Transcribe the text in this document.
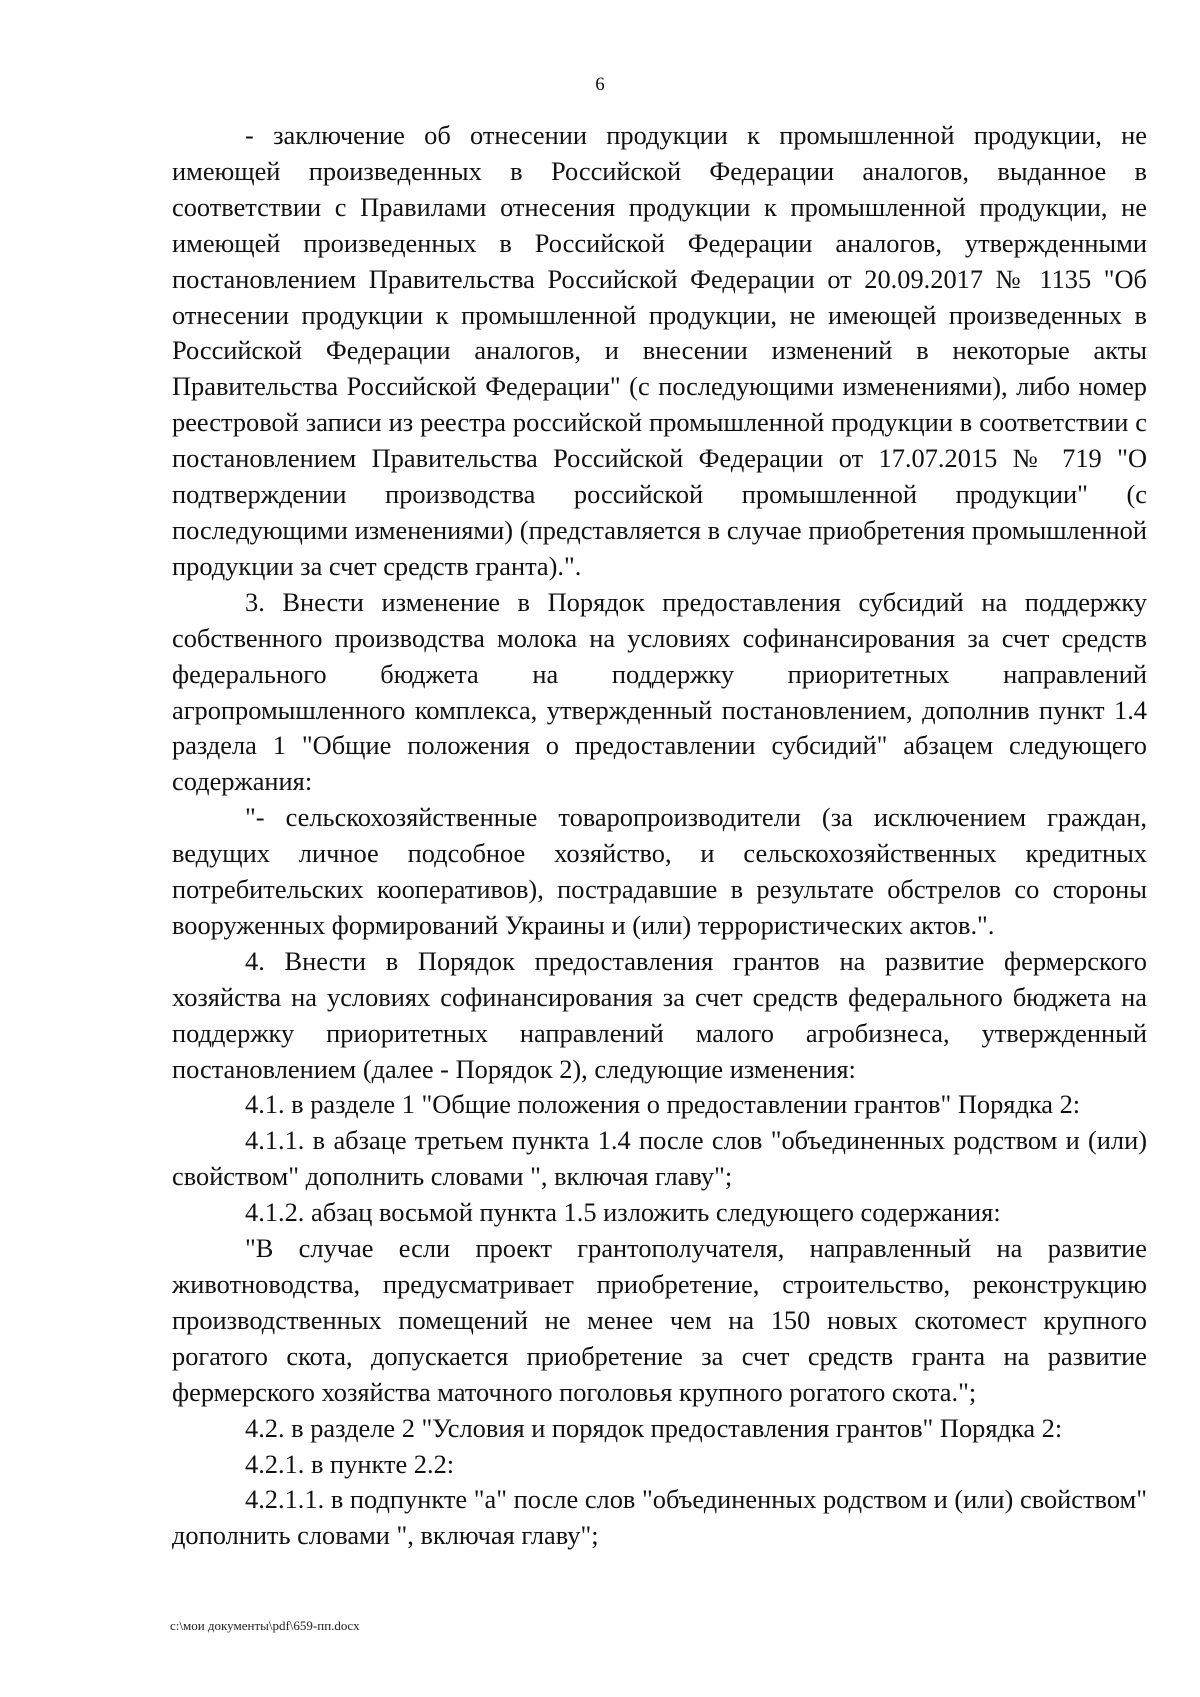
6

- заключение об отнесении продукции к промышленной продукции, не имеющей произведенных в Российской Федерации аналогов, выданное в соответствии с Правилами отнесения продукции к промышленной продукции, не имеющей произведенных в Российской Федерации аналогов, утвержденными постановлением Правительства Российской Федерации от 20.09.2017 № 1135 "Об отнесении продукции к промышленной продукции, не имеющей произведенных в Российской Федерации аналогов, и внесении изменений в некоторые акты Правительства Российской Федерации" (с последующими изменениями), либо номер реестровой записи из реестра российской промышленной продукции в соответствии с постановлением Правительства Российской Федерации от 17.07.2015 № 719 "О подтверждении производства российской промышленной продукции" (с последующими изменениями) (представляется в случае приобретения промышленной продукции за счет средств гранта).".

3. Внести изменение в Порядок предоставления субсидий на поддержку собственного производства молока на условиях софинансирования за счет средств федерального бюджета на поддержку приоритетных направлений агропромышленного комплекса, утвержденный постановлением, дополнив пункт 1.4 раздела 1 "Общие положения о предоставлении субсидий" абзацем следующего содержания:

"- сельскохозяйственные товаропроизводители (за исключением граждан, ведущих личное подсобное хозяйство, и сельскохозяйственных кредитных потребительских кооперативов), пострадавшие в результате обстрелов со стороны вооруженных формирований Украины и (или) террористических актов.".

4. Внести в Порядок предоставления грантов на развитие фермерского хозяйства на условиях софинансирования за счет средств федерального бюджета на поддержку приоритетных направлений малого агробизнеса, утвержденный постановлением (далее - Порядок 2), следующие изменения:

4.1. в разделе 1 "Общие положения о предоставлении грантов" Порядка 2:

4.1.1. в абзаце третьем пункта 1.4 после слов "объединенных родством и (или) свойством" дополнить словами ", включая главу";

4.1.2. абзац восьмой пункта 1.5 изложить следующего содержания:

"В случае если проект грантополучателя, направленный на развитие животноводства, предусматривает приобретение, строительство, реконструкцию производственных помещений не менее чем на 150 новых скотомест крупного рогатого скота, допускается приобретение за счет средств гранта на развитие фермерского хозяйства маточного поголовья крупного рогатого скота.";

4.2. в разделе 2 "Условия и порядок предоставления грантов" Порядка 2:

4.2.1. в пункте 2.2:

4.2.1.1. в подпункте "а" после слов "объединенных родством и (или) свойством" дополнить словами ", включая главу";

c:\мои документы\pdf\659-пп.docx
